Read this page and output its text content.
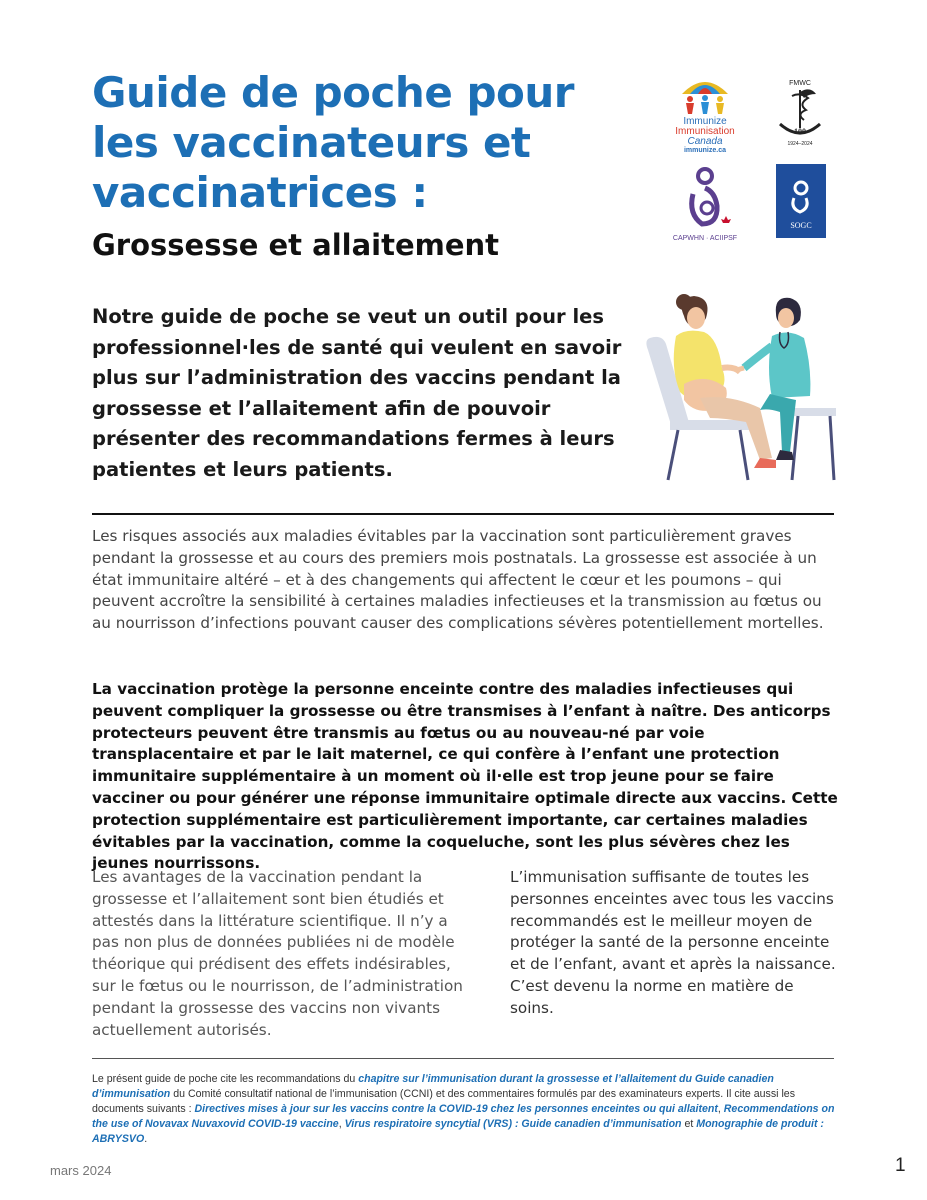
Guide de poche pour les vaccinateurs et vaccinatrices :
Grossesse et allaitement
Immunize
Immunisation
Canada
immunize.ca
FMWC
100
1924–2024
CAPWHN · ACIIPSF
SOGC
Notre guide de poche se veut un outil pour les professionnel·les de santé qui veulent en savoir plus sur l’administration des vaccins pendant la grossesse et l’allaitement afin de pouvoir présenter des recommandations fermes à leurs patientes et leurs patients.
Les risques associés aux maladies évitables par la vaccination sont particulièrement graves pendant la grossesse et au cours des premiers mois postnatals. La grossesse est associée à un état immunitaire altéré – et à des changements qui affectent le cœur et les poumons – qui peuvent accroître la sensibilité à certaines maladies infectieuses et la transmission au fœtus ou au nourrisson d’infections pouvant causer des complications sévères potentiellement mortelles.
La vaccination protège la personne enceinte contre des maladies infectieuses qui peuvent compliquer la grossesse ou être transmises à l’enfant à naître. Des anticorps protecteurs peuvent être transmis au fœtus ou au nouveau-né par voie transplacentaire et par le lait maternel, ce qui confère à l’enfant une protection immunitaire supplémentaire à un moment où il·elle est trop jeune pour se faire vacciner ou pour générer une réponse immunitaire optimale directe aux vaccins. Cette protection supplémentaire est particulièrement importante, car certaines maladies évitables par la vaccination, comme la coqueluche, sont les plus sévères chez les jeunes nourrissons.
Les avantages de la vaccination pendant la grossesse et l’allaitement sont bien étudiés et attestés dans la littérature scientifique. Il n’y a pas non plus de données publiées ni de modèle théorique qui prédisent des effets indésirables, sur le fœtus ou le nourrisson, de l’administration pendant la grossesse des vaccins non vivants actuellement autorisés.
L’immunisation suffisante de toutes les personnes enceintes avec tous les vaccins recommandés est le meilleur moyen de protéger la santé de la personne enceinte et de l’enfant, avant et après la naissance. C’est devenu la norme en matière de soins.
Le présent guide de poche cite les recommandations du chapitre sur l’immunisation durant la grossesse et l’allaitement du Guide canadien d’immunisation du Comité consultatif national de l’immunisation (CCNI) et des commentaires formulés par des examinateurs experts. Il cite aussi les documents suivants : Directives mises à jour sur les vaccins contre la COVID-19 chez les personnes enceintes ou qui allaitent, Recommendations on the use of Novavax Nuvaxovid COVID-19 vaccine, Virus respiratoire syncytial (VRS) : Guide canadien d’immunisation et Monographie de produit : ABRYSVO.
mars 2024	1
